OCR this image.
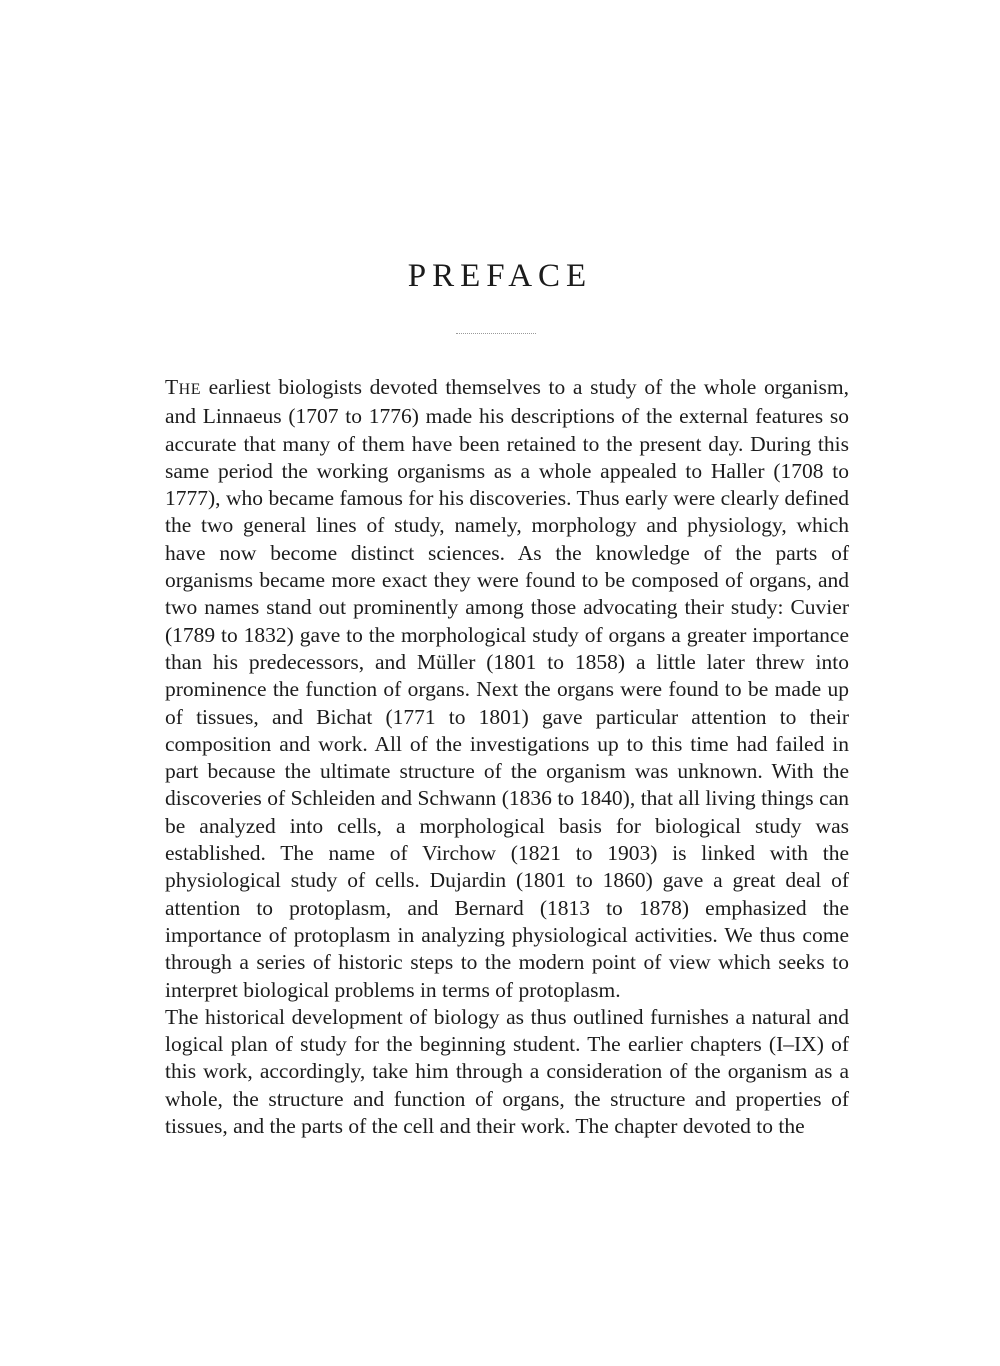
PREFACE

THE earliest biologists devoted themselves to a study of the whole organism, and Linnaeus (1707 to 1776) made his descriptions of the external features so accurate that many of them have been retained to the present day. During this same period the working organisms as a whole appealed to Haller (1708 to 1777), who became famous for his discoveries. Thus early were clearly defined the two general lines of study, namely, morphology and physiology, which have now become distinct sciences. As the knowledge of the parts of organisms became more exact they were found to be composed of organs, and two names stand out prominently among those advocating their study: Cuvier (1789 to 1832) gave to the morphological study of organs a greater importance than his predecessors, and Müller (1801 to 1858) a little later threw into prominence the function of organs. Next the organs were found to be made up of tissues, and Bichat (1771 to 1801) gave particular attention to their composition and work. All of the investigations up to this time had failed in part because the ultimate structure of the organism was unknown. With the discoveries of Schleiden and Schwann (1836 to 1840), that all living things can be analyzed into cells, a morphological basis for biological study was established. The name of Virchow (1821 to 1903) is linked with the physiological study of cells. Dujardin (1801 to 1860) gave a great deal of attention to protoplasm, and Bernard (1813 to 1878) emphasized the importance of protoplasm in analyzing physiological activities. We thus come through a series of historic steps to the modern point of view which seeks to interpret biological problems in terms of protoplasm.

The historical development of biology as thus outlined furnishes a natural and logical plan of study for the beginning student. The earlier chapters (I–IX) of this work, accordingly, take him through a consideration of the organism as a whole, the structure and function of organs, the structure and properties of tissues, and the parts of the cell and their work. The chapter devoted to the
